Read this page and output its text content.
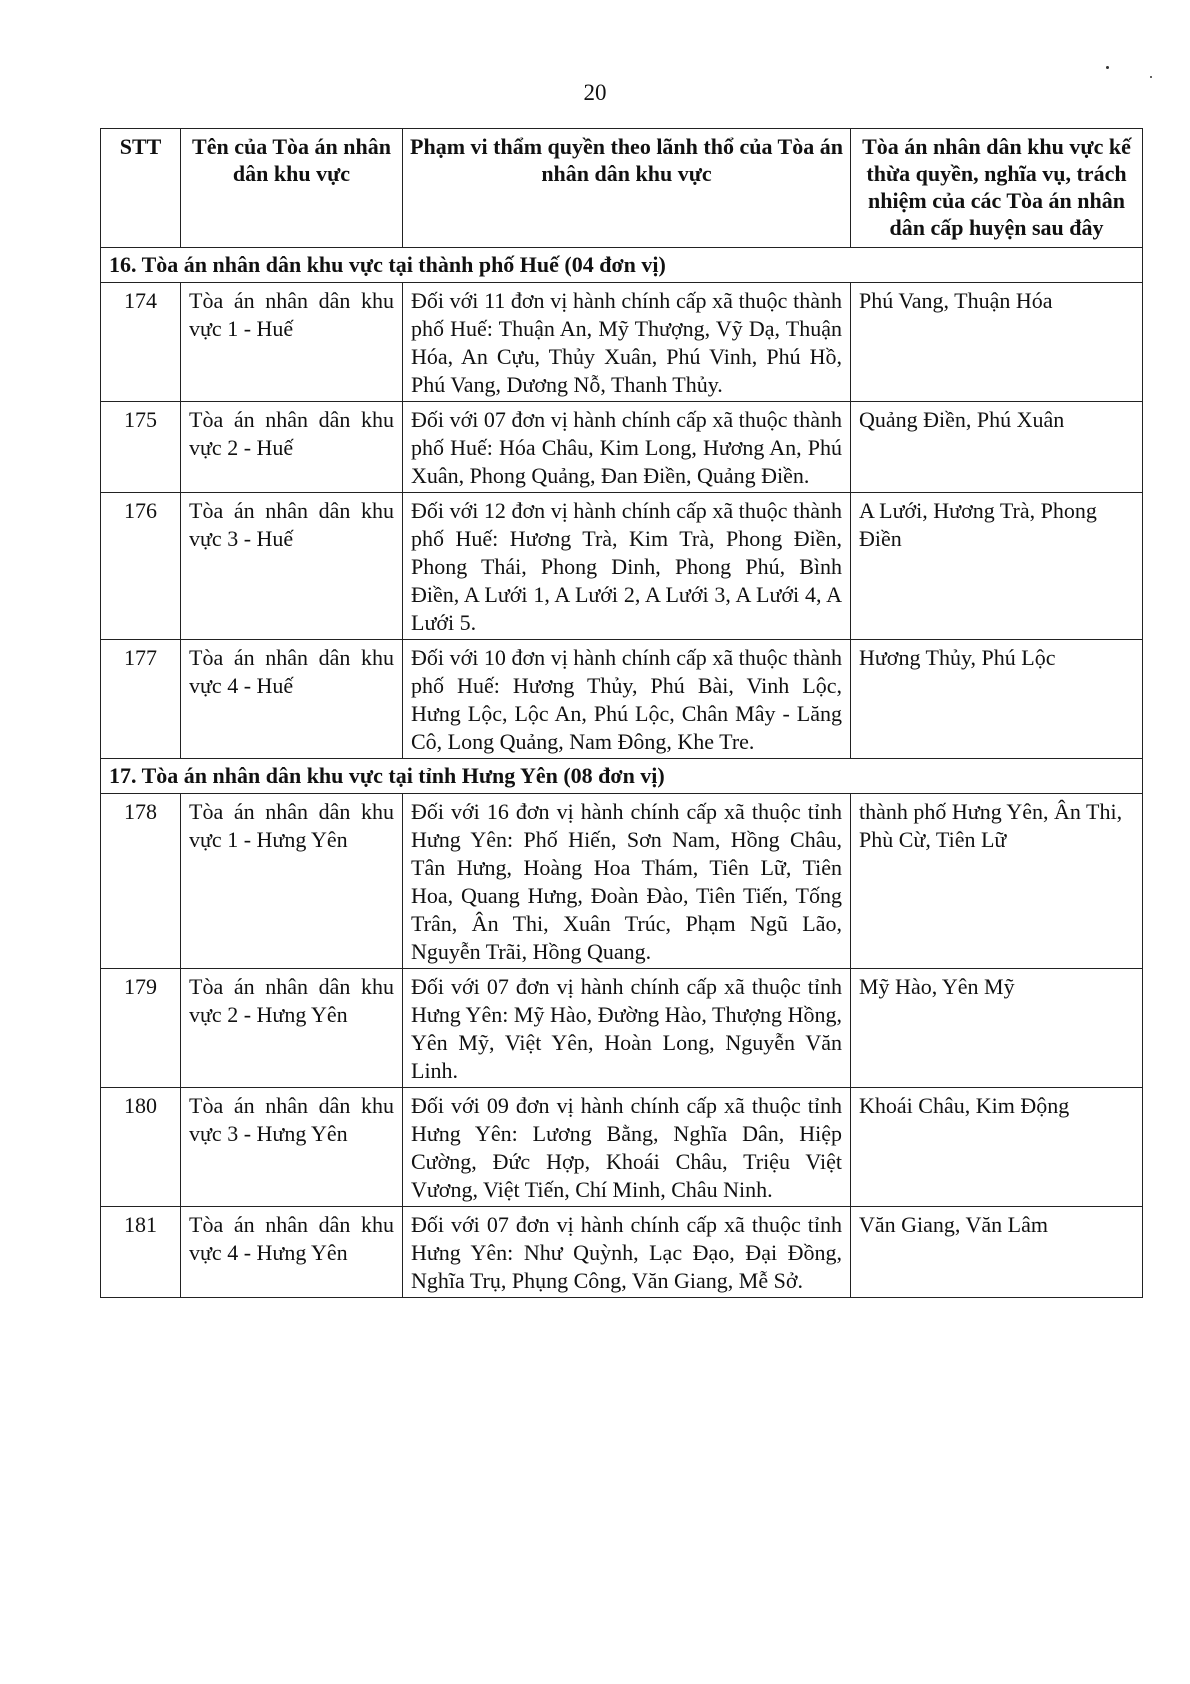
20
STT	Tên của Tòa án nhân dân khu vực	Phạm vi thẩm quyền theo lãnh thổ của Tòa án nhân dân khu vực	Tòa án nhân dân khu vực kế thừa quyền, nghĩa vụ, trách nhiệm của các Tòa án nhân dân cấp huyện sau đây
16. Tòa án nhân dân khu vực tại thành phố Huế (04 đơn vị)			
174	Tòa án nhân dân khu vực 1 - Huế	Đối với 11 đơn vị hành chính cấp xã thuộc thành phố Huế: Thuận An, Mỹ Thượng, Vỹ Dạ, Thuận Hóa, An Cựu, Thủy Xuân, Phú Vinh, Phú Hồ, Phú Vang, Dương Nỗ, Thanh Thủy.	Phú Vang, Thuận Hóa
175	Tòa án nhân dân khu vực 2 - Huế	Đối với 07 đơn vị hành chính cấp xã thuộc thành phố Huế: Hóa Châu, Kim Long, Hương An, Phú Xuân, Phong Quảng, Đan Điền, Quảng Điền.	Quảng Điền, Phú Xuân
176	Tòa án nhân dân khu vực 3 - Huế	Đối với 12 đơn vị hành chính cấp xã thuộc thành phố Huế: Hương Trà, Kim Trà, Phong Điền, Phong Thái, Phong Dinh, Phong Phú, Bình Điền, A Lưới 1, A Lưới 2, A Lưới 3, A Lưới 4, A Lưới 5.	A Lưới, Hương Trà, Phong Điền
177	Tòa án nhân dân khu vực 4 - Huế	Đối với 10 đơn vị hành chính cấp xã thuộc thành phố Huế: Hương Thủy, Phú Bài, Vinh Lộc, Hưng Lộc, Lộc An, Phú Lộc, Chân Mây - Lăng Cô, Long Quảng, Nam Đông, Khe Tre.	Hương Thủy, Phú Lộc
17. Tòa án nhân dân khu vực tại tỉnh Hưng Yên (08 đơn vị)			
178	Tòa án nhân dân khu vực 1 - Hưng Yên	Đối với 16 đơn vị hành chính cấp xã thuộc tỉnh Hưng Yên: Phố Hiến, Sơn Nam, Hồng Châu, Tân Hưng, Hoàng Hoa Thám, Tiên Lữ, Tiên Hoa, Quang Hưng, Đoàn Đào, Tiên Tiến, Tống Trân, Ân Thi, Xuân Trúc, Phạm Ngũ Lão, Nguyễn Trãi, Hồng Quang.	thành phố Hưng Yên, Ân Thi, Phù Cừ, Tiên Lữ
179	Tòa án nhân dân khu vực 2 - Hưng Yên	Đối với 07 đơn vị hành chính cấp xã thuộc tỉnh Hưng Yên: Mỹ Hào, Đường Hào, Thượng Hồng, Yên Mỹ, Việt Yên, Hoàn Long, Nguyễn Văn Linh.	Mỹ Hào, Yên Mỹ
180	Tòa án nhân dân khu vực 3 - Hưng Yên	Đối với 09 đơn vị hành chính cấp xã thuộc tỉnh Hưng Yên: Lương Bằng, Nghĩa Dân, Hiệp Cường, Đức Hợp, Khoái Châu, Triệu Việt Vương, Việt Tiến, Chí Minh, Châu Ninh.	Khoái Châu, Kim Động
181	Tòa án nhân dân khu vực 4 - Hưng Yên	Đối với 07 đơn vị hành chính cấp xã thuộc tỉnh Hưng Yên: Như Quỳnh, Lạc Đạo, Đại Đồng, Nghĩa Trụ, Phụng Công, Văn Giang, Mễ Sở.	Văn Giang, Văn Lâm
